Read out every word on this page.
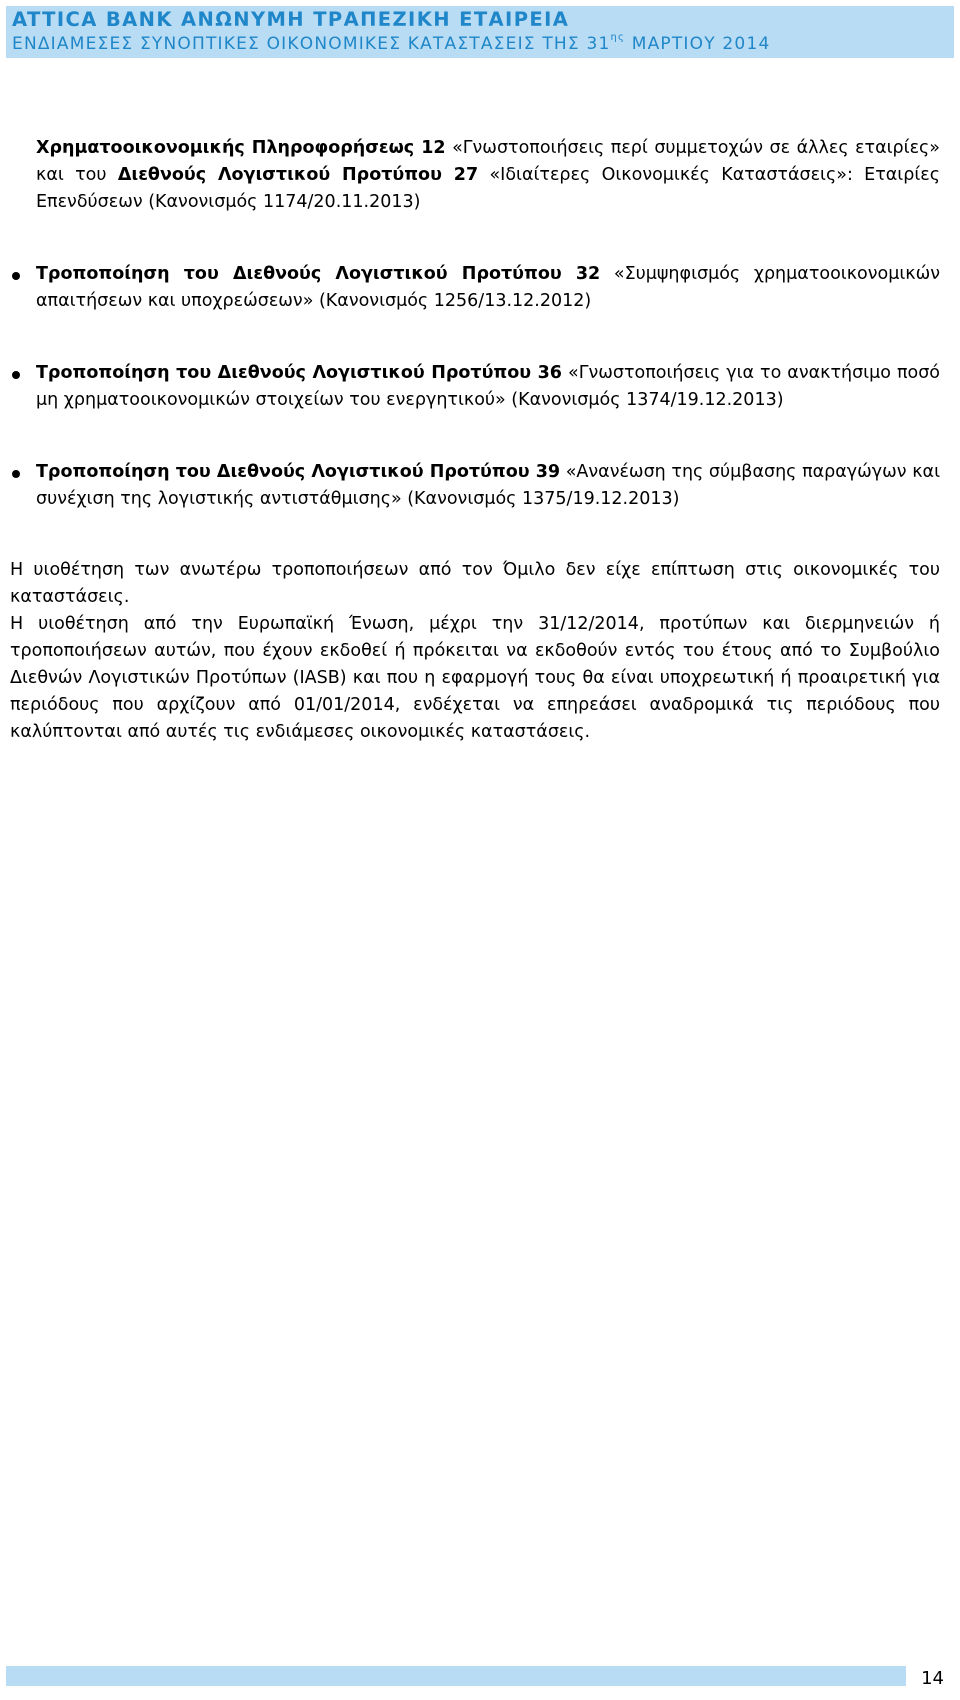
ATTICA BANK ΑΝΩΝΥΜΗ ΤΡΑΠΕΖΙΚΗ ΕΤΑΙΡΕΙΑ
ΕΝΔΙΑΜΕΣΕΣ ΣΥΝΟΠΤΙΚΕΣ ΟΙΚΟΝΟΜΙΚΕΣ ΚΑΤΑΣΤΑΣΕΙΣ ΤΗΣ $31^{\eta\varsigma}$ ΜΑΡΤΙΟΥ 2014

Χρηματοοικονομικής Πληροφορήσεως 12 «Γνωστοποιήσεις περί συμμετοχών σε άλλες εταιρίες» και του Διεθνούς Λογιστικού Προτύπου 27 «Ιδιαίτερες Οικονομικές Καταστάσεις»: Εταιρίες Επενδύσεων (Κανονισμός 1174/20.11.2013)

Τροποποίηση του Διεθνούς Λογιστικού Προτύπου 32 «Συμψηφισμός χρηματοοικονομικών απαιτήσεων και υποχρεώσεων» (Κανονισμός 1256/13.12.2012)

Τροποποίηση του Διεθνούς Λογιστικού Προτύπου 36 «Γνωστοποιήσεις για το ανακτήσιμο ποσό μη χρηματοοικονομικών στοιχείων του ενεργητικού» (Κανονισμός 1374/19.12.2013)

Τροποποίηση του Διεθνούς Λογιστικού Προτύπου 39 «Ανανέωση της σύμβασης παραγώγων και συνέχιση της λογιστικής αντιστάθμισης» (Κανονισμός 1375/19.12.2013)

Η υιοθέτηση των ανωτέρω τροποποιήσεων από τον Όμιλο δεν είχε επίπτωση στις οικονομικές του καταστάσεις.

Η υιοθέτηση από την Ευρωπαϊκή Ένωση, μέχρι την 31/12/2014, προτύπων και διερμηνειών ή τροποποιήσεων αυτών, που έχουν εκδοθεί ή πρόκειται να εκδοθούν εντός του έτους από το Συμβούλιο Διεθνών Λογιστικών Προτύπων (IASB) και που η εφαρμογή τους θα είναι υποχρεωτική ή προαιρετική για περιόδους που αρχίζουν από 01/01/2014, ενδέχεται να επηρεάσει αναδρομικά τις περιόδους που καλύπτονται από αυτές τις ενδιάμεσες οικονομικές καταστάσεις.

14
